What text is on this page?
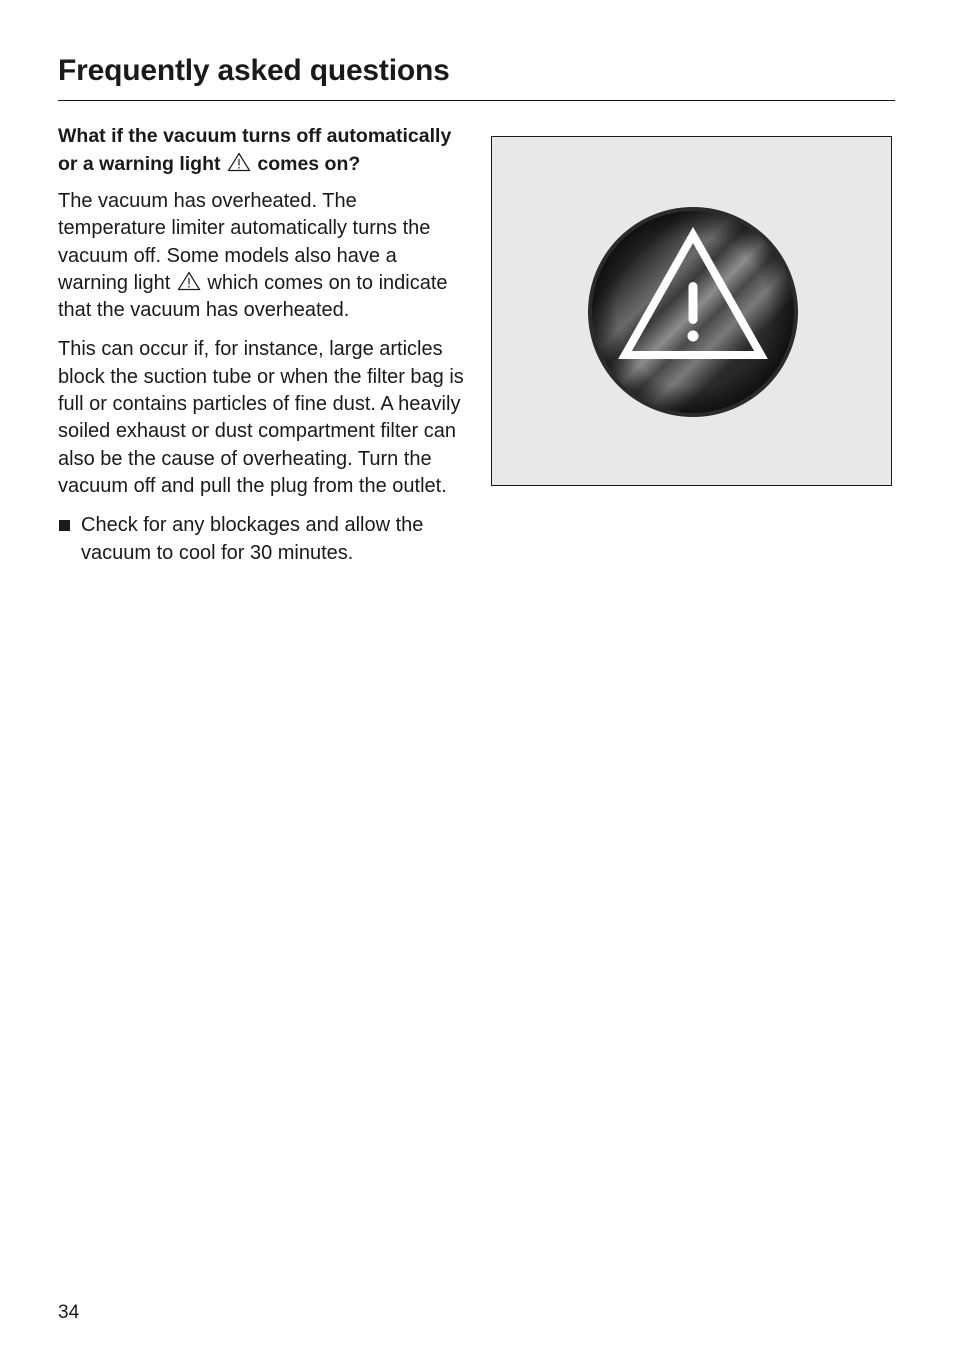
Frequently asked questions

What if the vacuum turns off automatically or a warning light comes on?

The vacuum has overheated. The temperature limiter automatically turns the vacuum off. Some models also have a warning light which comes on to indicate that the vacuum has overheated.

This can occur if, for instance, large articles block the suction tube or when the filter bag is full or contains particles of fine dust. A heavily soiled exhaust or dust compartment filter can also be the cause of overheating. Turn the vacuum off and pull the plug from the outlet.

Check for any blockages and allow the vacuum to cool for 30 minutes.

34
